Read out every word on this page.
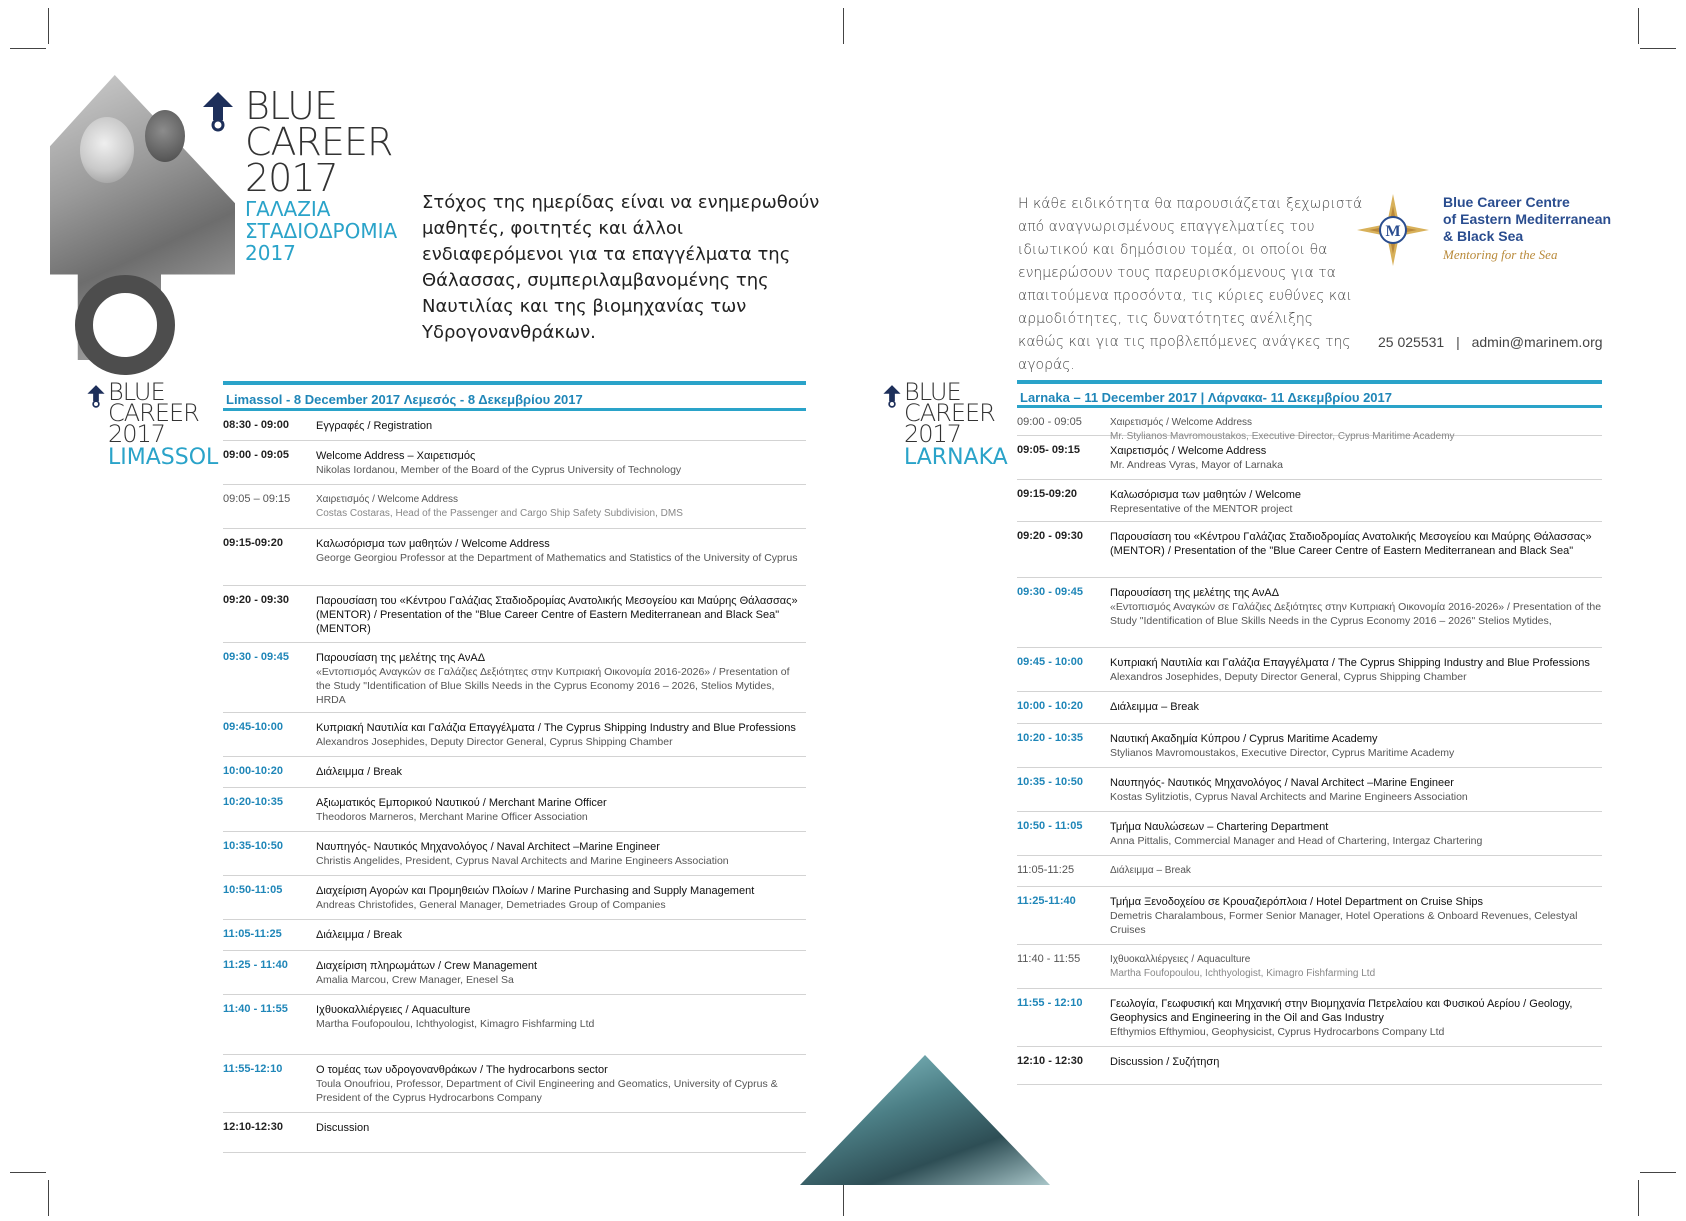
BLUE
CAREER
2017
ΓΑΛΑΖΙΑ
ΣΤΑΔΙΟΔΡΟΜΙΑ
2017
Στόχος της ημερίδας είναι να ενημερωθούν μαθητές, φοιτητές και άλλοι ενδιαφερόμενοι για τα επαγγέλματα της Θάλασσας, συμπεριλαμβανομένης της Ναυτιλίας και της βιομηχανίας των Υδρογονανθράκων.
Η κάθε ειδικότητα θα παρουσιάζεται ξεχωριστά από αναγνωρισμένους επαγγελματίες του ιδιωτικού και δημόσιου τομέα, οι οποίοι θα ενημερώσουν τους παρευρισκόμενους για τα απαιτούμενα προσόντα, τις κύριες ευθύνες και αρμοδιότητες, τις δυνατότητες ανέλιξης καθώς και για τις προβλεπόμενες ανάγκες της αγοράς.
M
Blue Career Centre
of Eastern Mediterranean
& Black Sea
Mentoring for the Sea
25 025531 | admin@marinem.org
BLUE
CAREER
2017
LIMASSOL
BLUE
CAREER
2017
LARNAKA
Limassol - 8 December 2017 Λεμεσός - 8 Δεκεμβρίου 2017
08:30 - 09:00	Εγγραφές / Registration
09:00 - 09:05	Welcome Address – Χαιρετισμός
Nikolas Iordanou, Member of the Board of the Cyprus University of Technology
09:05 – 09:15	Χαιρετισμός / Welcome Address
Costas Costaras, Head of the Passenger and Cargo Ship Safety Subdivision, DMS
09:15-09:20	Καλωσόρισμα των μαθητών / Welcome Address
George Georgiou Professor at the Department of Mathematics and Statistics of the University of Cyprus
09:20 - 09:30	Παρουσίαση του «Κέντρου Γαλάζιας Σταδιοδρομίας Ανατολικής Μεσογείου και Μαύρης Θάλασσας» (MENTOR) / Presentation of the "Blue Career Centre of Eastern Mediterranean and Black Sea" (MENTOR)
09:30 - 09:45	Παρουσίαση της μελέτης της ΑνΑΔ
«Εντοπισμός Αναγκών σε Γαλάζιες Δεξιότητες στην Κυπριακή Οικονομία 2016-2026» / Presentation of the Study "Identification of Blue Skills Needs in the Cyprus Economy 2016 – 2026, Stelios Mytides, HRDA
09:45-10:00	Κυπριακή Ναυτιλία και Γαλάζια Επαγγέλματα / The Cyprus Shipping Industry and Blue Professions
Alexandros Josephides, Deputy Director General, Cyprus Shipping Chamber
10:00-10:20	Διάλειμμα / Break
10:20-10:35	Αξιωματικός Εμπορικού Ναυτικού / Merchant Marine Officer
Theodoros Marneros, Merchant Marine Officer Association
10:35-10:50	Ναυπηγός- Ναυτικός Μηχανολόγος / Naval Architect –Marine Engineer
Christis Angelides, President, Cyprus Naval Architects and Marine Engineers Association
10:50-11:05	Διαχείριση Αγορών και Προμηθειών Πλοίων / Marine Purchasing and Supply Management
Andreas Christofides, General Manager, Demetriades Group of Companies
11:05-11:25	Διάλειμμα / Break
11:25 - 11:40	Διαχείριση πληρωμάτων / Crew Management
Amalia Marcou, Crew Manager, Enesel Sa
11:40 - 11:55	Ιχθυοκαλλιέργειες / Aquaculture
Martha Foufopoulou, Ichthyologist, Kimagro Fishfarming Ltd
11:55-12:10	Ο τομέας των υδρογονανθράκων / The hydrocarbons sector
Toula Onoufriou, Professor, Department of Civil Engineering and Geomatics, University of Cyprus & President of the Cyprus Hydrocarbons Company
12:10-12:30	Discussion
Larnaka – 11 December 2017 | Λάρνακα- 11 Δεκεμβρίου 2017
09:00 - 09:05	Χαιρετισμός / Welcome Address
Mr. Stylianos Mavromoustakos, Executive Director, Cyprus Maritime Academy
09:05- 09:15	Χαιρετισμός / Welcome Address
Mr. Andreas Vyras, Mayor of Larnaka
09:15-09:20	Καλωσόρισμα των μαθητών / Welcome
Representative of the MENTOR project
09:20 - 09:30	Παρουσίαση του «Κέντρου Γαλάζιας Σταδιοδρομίας Ανατολικής Μεσογείου και Μαύρης Θάλασσας» (MENTOR) / Presentation of the "Blue Career Centre of Eastern Mediterranean and Black Sea"
09:30 - 09:45	Παρουσίαση της μελέτης της ΑνΑΔ
«Εντοπισμός Αναγκών σε Γαλάζιες Δεξιότητες στην Κυπριακή Οικονομία 2016-2026» / Presentation of the Study "Identification of Blue Skills Needs in the Cyprus Economy 2016 – 2026" Stelios Mytides,
09:45 - 10:00	Κυπριακή Ναυτιλία και Γαλάζια Επαγγέλματα / The Cyprus Shipping Industry and Blue Professions
Alexandros Josephides, Deputy Director General, Cyprus Shipping Chamber
10:00 - 10:20	Διάλειμμα – Break
10:20 - 10:35	Ναυτική Ακαδημία Κύπρου / Cyprus Maritime Academy
Stylianos Mavromoustakos, Executive Director, Cyprus Maritime Academy
10:35 - 10:50	Ναυπηγός- Ναυτικός Μηχανολόγος / Naval Architect –Marine Engineer
Kostas Sylitziotis, Cyprus Naval Architects and Marine Engineers Association
10:50 - 11:05	Τμήμα Ναυλώσεων – Chartering Department
Anna Pittalis, Commercial Manager and Head of Chartering, Intergaz Chartering
11:05-11:25	Διάλειμμα – Break
11:25-11:40	Τμήμα Ξενοδοχείου σε Κρουαζιερόπλοια / Hotel Department on Cruise Ships
Demetris Charalambous, Former Senior Manager, Hotel Operations & Onboard Revenues, Celestyal Cruises
11:40 - 11:55	Ιχθυοκαλλιέργειες / Aquaculture
Martha Foufopoulou, Ichthyologist, Kimagro Fishfarming Ltd
11:55 - 12:10	Γεωλογία, Γεωφυσική και Μηχανική στην Βιομηχανία Πετρελαίου και Φυσικού Αερίου / Geology, Geophysics and Engineering in the Oil and Gas Industry
Efthymios Efthymiou, Geophysicist, Cyprus Hydrocarbons Company Ltd
12:10 - 12:30	Discussion / Συζήτηση
